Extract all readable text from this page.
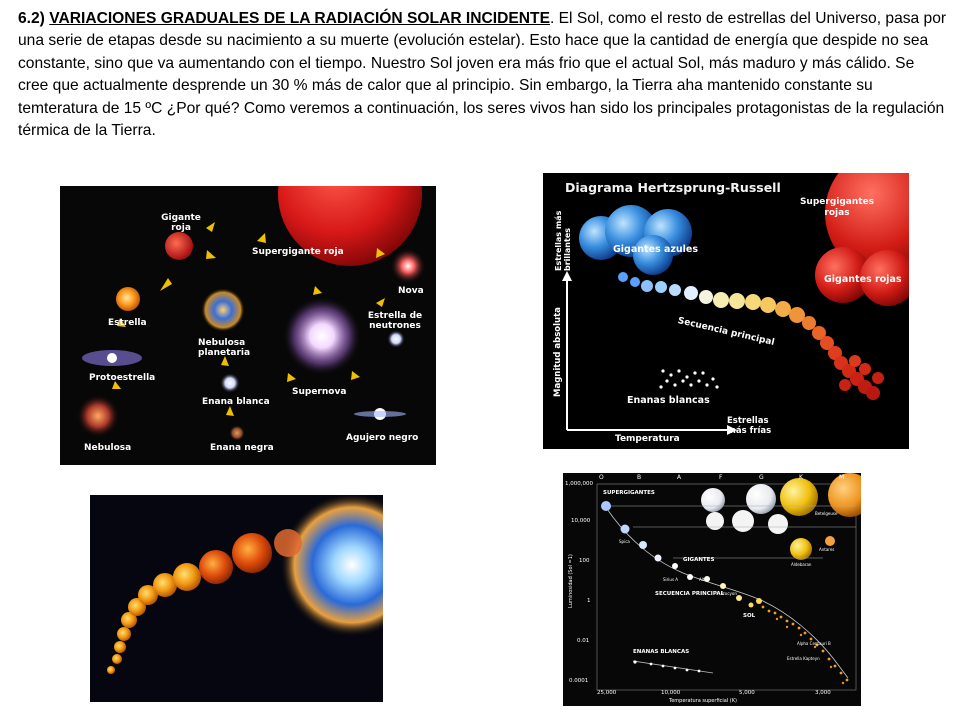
6.2) VARIACIONES GRADUALES DE LA RADIACIÓN SOLAR INCIDENTE. El Sol, como el resto de estrellas del Universo, pasa por una serie de etapas desde su nacimiento a su muerte (evolución estelar). Esto hace que la cantidad de energía que despide no sea constante, sino que va aumentando con el tiempo. Nuestro Sol joven era más frio que el actual Sol, más maduro y más cálido. Se cree que actualmente desprende un 30 % más de calor que al principio. Sin embargo, la Tierra aha mantenido constante su temteratura de 15 ºC ¿Por qué? Como veremos a continuación, los seres vivos han sido los principales protagonistas de la regulación térmica de la Tierra.
Gigante roja
Supergigante roja
Nova
Estrella
Nebulosa planetaria
Estrella de neutrones
Protoestrella
Enana blanca
Supernova
Nebulosa	Enana negra
Agujero negro
Diagrama Hertzsprung-Russell
Supergigantes rojas
Gigantes azules
Gigantes rojas
Secuencia principal
Enanas blancas
Estrellas más brillantes
Magnitud absoluta
Temperatura
Estrellas más frías
O	B	A	F	G	K	M
1,000,000
10,000
100
1
0.01
0.0001
25,000	10,000	5,000	3,000
Temperatura superficial (K)
Luminosidad (Sol =1)
SUPERGIGANTES
GIGANTES
SECUENCIA PRINCIPAL
SOL
ENANAS BLANCAS
Betelgeuse
Antares
Aldebaran
Spica
Sirius A	Altair
Procyon
Alpha Centauri B
Estrella Kapteyn
